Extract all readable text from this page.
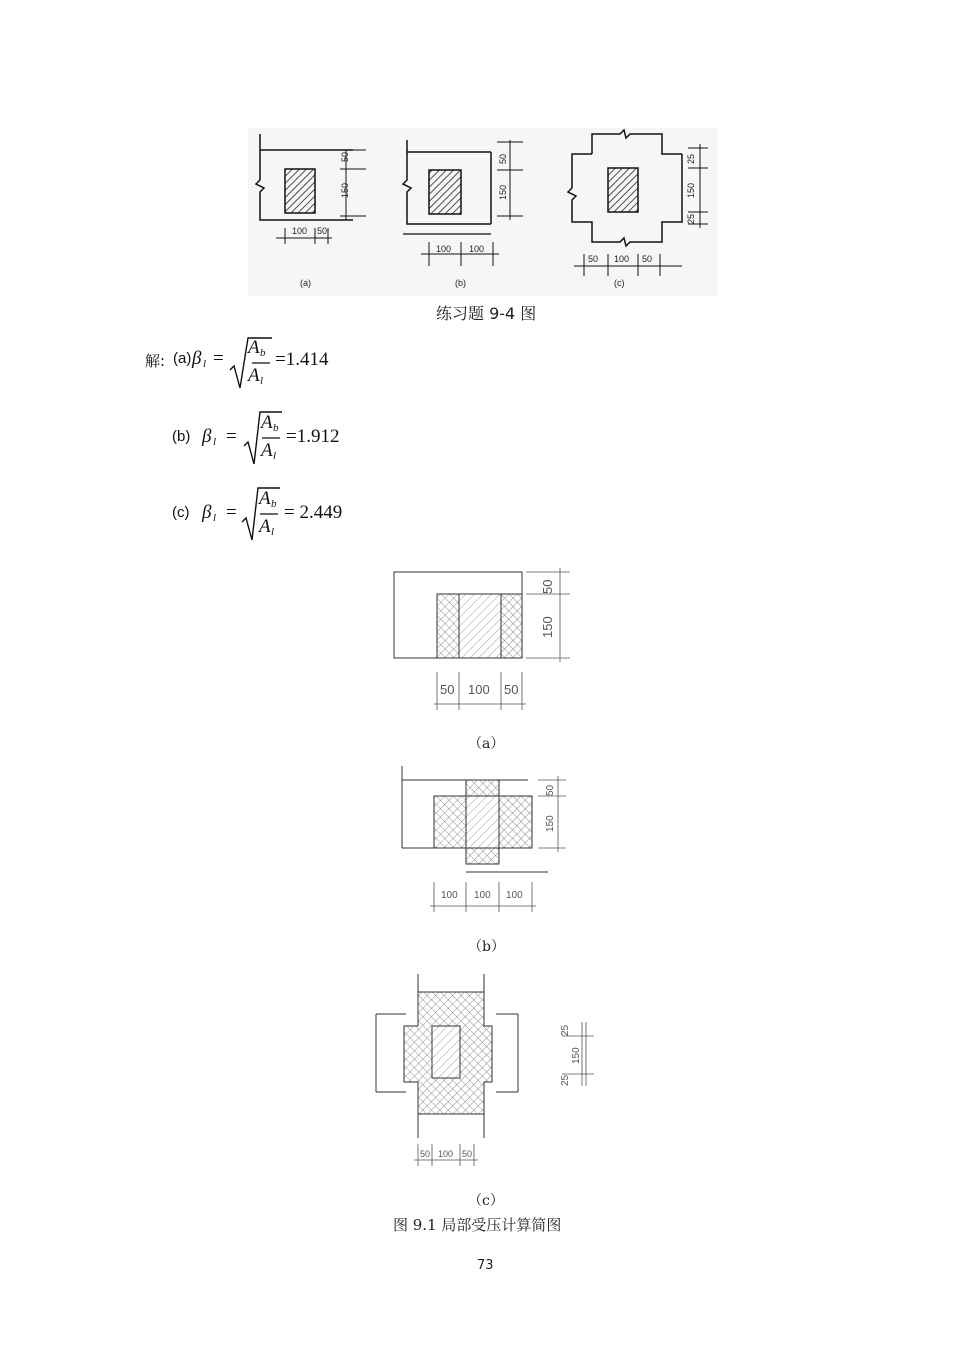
50
150
100 50
(a)
50
150
100 100
(b)
25
150
25
50 100 50
(c)
练习题 9-4 图
解: (a) β l =
A b
A l
=1.414
(b) β l =
A b
A l
=1.912
(c) β l =
A b
A l
= 2.449
50
150
50 100 50
（a）
50
150
100 100 100
（b）
25
150
25
50 100 50
（c）
图 9.1 局部受压计算简图
73
